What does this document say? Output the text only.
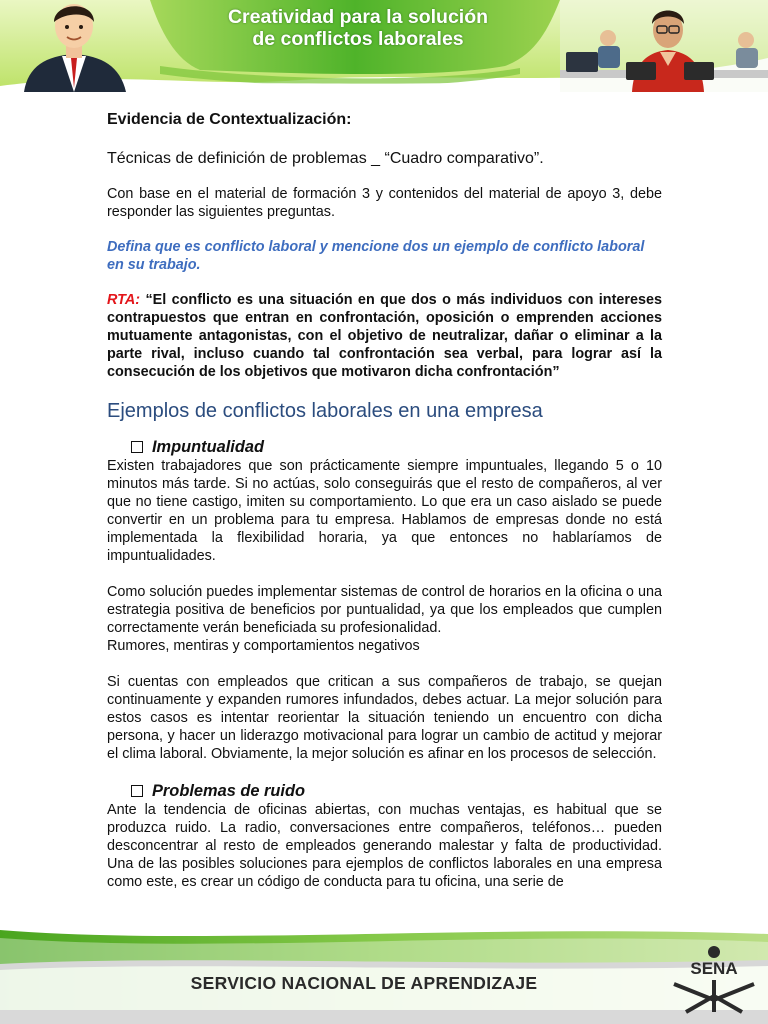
Creatividad para la solución
de conflictos laborales
Evidencia de Contextualización:
Técnicas de definición de problemas _ “Cuadro comparativo”.

Con base en el material de formación 3 y contenidos del material de apoyo 3, debe responder las siguientes preguntas.

Defina que es conflicto laboral y mencione dos un ejemplo de conflicto laboral en su trabajo.

RTA: “El conflicto es una situación en que dos o más individuos con intereses contrapuestos que entran en confrontación, oposición o emprenden acciones mutuamente antagonistas, con el objetivo de neutralizar, dañar o eliminar a la parte rival, incluso cuando tal confrontación sea verbal, para lograr así la consecución de los objetivos que motivaron dicha confrontación”

Ejemplos de conflictos laborales en una empresa
Impuntualidad

Existen trabajadores que son prácticamente siempre impuntuales, llegando 5 o 10 minutos más tarde. Si no actúas, solo conseguirás que el resto de compañeros, al ver que no tiene castigo, imiten su comportamiento. Lo que era un caso aislado se puede convertir en un problema para tu empresa. Hablamos de empresas donde no está implementada la flexibilidad horaria, ya que entonces no hablaríamos de impuntualidades.

Como solución puedes implementar sistemas de control de horarios en la oficina o una estrategia positiva de beneficios por puntualidad, ya que los empleados que cumplen correctamente verán beneficiada su profesionalidad.

Rumores, mentiras y comportamientos negativos

Si cuentas con empleados que critican a sus compañeros de trabajo, se quejan continuamente y expanden rumores infundados, debes actuar. La mejor solución para estos casos es intentar reorientar la situación teniendo un encuentro con dicha persona, y hacer un liderazgo motivacional para lograr un cambio de actitud y mejorar el clima laboral. Obviamente, la mejor solución es afinar en los procesos de selección.

Problemas de ruido

Ante la tendencia de oficinas abiertas, con muchas ventajas, es habitual que se produzca ruido. La radio, conversaciones entre compañeros, teléfonos… pueden desconcentrar al resto de empleados generando malestar y falta de productividad. Una de las posibles soluciones para ejemplos de conflictos laborales en una empresa como este, es crear un código de conducta para tu oficina, una serie de

SERVICIO NACIONAL DE APRENDIZAJE
SENA
